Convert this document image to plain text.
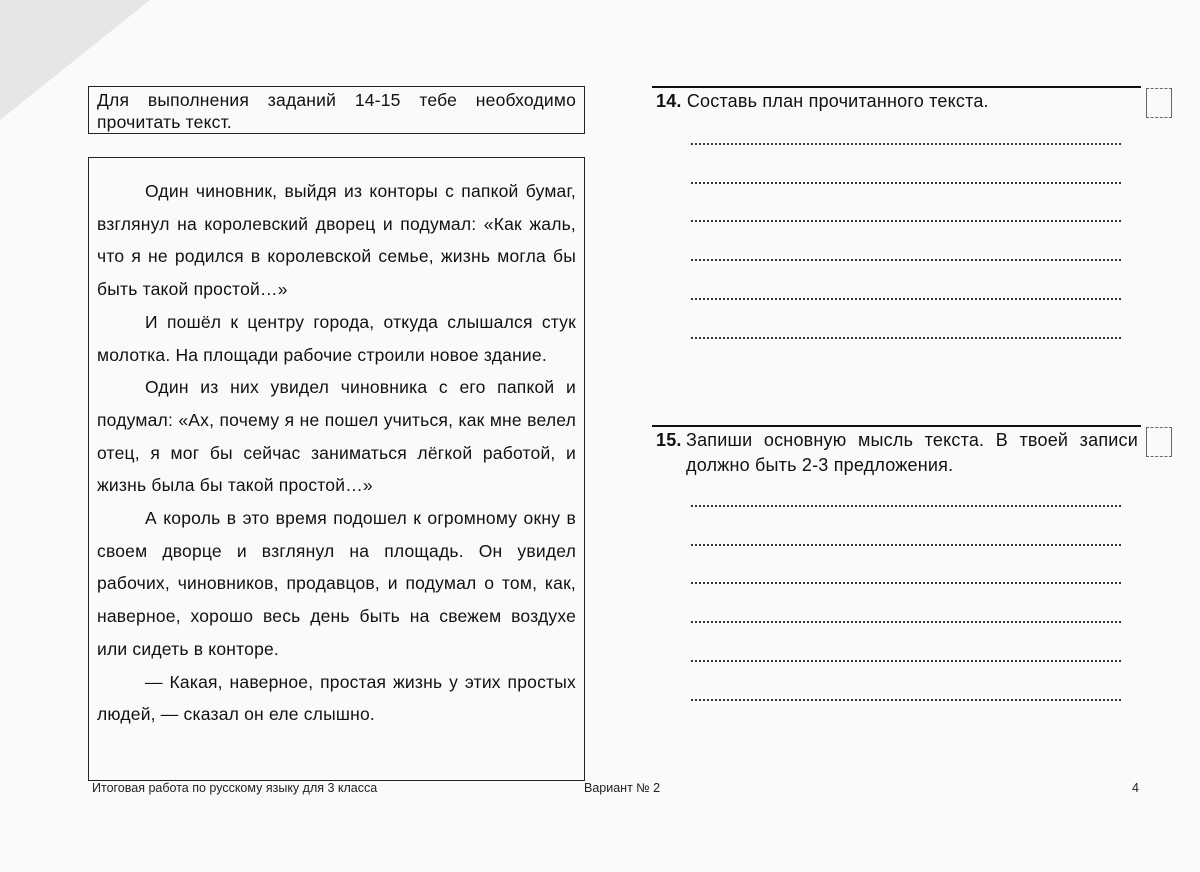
Для выполнения заданий 14-15 тебе необходимо прочитать текст.

Один чиновник, выйдя из конторы с папкой бумаг, взглянул на королевский дворец и подумал: «Как жаль, что я не родился в королевской семье, жизнь могла бы быть такой простой…»

И пошёл к центру города, откуда слышался стук молотка. На площади рабочие строили новое здание.

Один из них увидел чиновника с его папкой и подумал: «Ах, почему я не пошел учиться, как мне велел отец, я мог бы сейчас заниматься лёгкой работой, и жизнь была бы такой простой…»

А король в это время подошел к огромному окну в своем дворце и взглянул на площадь. Он увидел рабочих, чиновников, продавцов, и подумал о том, как, наверное, хорошо весь день быть на свежем воздухе или сидеть в конторе.

— Какая, наверное, простая жизнь у этих простых людей, — сказал он еле слышно.

14. Составь план прочитанного текста.
15. Запиши основную мысль текста. В твоей записи должно быть 2-3 предложения.
Итоговая работа по русскому языку для 3 класса	Вариант № 2	4
